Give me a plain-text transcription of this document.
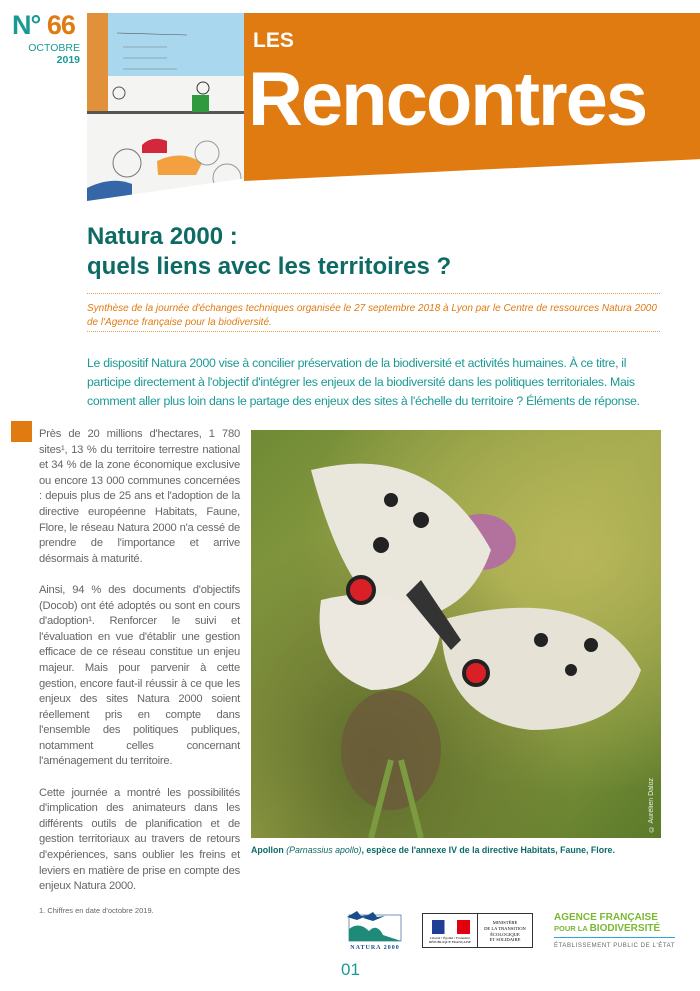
N° 66
OCTOBRE
2019
LES
Rencontres
Natura 2000 :
quels liens avec les territoires ?
Synthèse de la journée d'échanges techniques organisée le 27 septembre 2018 à Lyon par le Centre de ressources Natura 2000 de l'Agence française pour la biodiversité.
Le dispositif Natura 2000 vise à concilier préservation de la biodiversité et activités humaines. À ce titre, il participe directement à l'objectif d'intégrer les enjeux de la biodiversité dans les politiques territoriales. Mais comment aller plus loin dans le partage des enjeux des sites à l'échelle du territoire ? Éléments de réponse.

Près de 20 millions d'hectares, 1 780 sites¹, 13 % du territoire terrestre national et 34 % de la zone économique exclusive ou encore 13 000 communes concernées : depuis plus de 25 ans et l'adoption de la directive européenne Habitats, Faune, Flore, le réseau Natura 2000 n'a cessé de prendre de l'importance et arrive désormais à maturité.

Ainsi, 94 % des documents d'objectifs (Docob) ont été adoptés ou sont en cours d'adoption¹. Renforcer le suivi et l'évaluation en vue d'établir une gestion efficace de ce réseau constitue un enjeu majeur. Mais pour parvenir à cette gestion, encore faut-il réussir à ce que les enjeux des sites Natura 2000 soient réellement pris en compte dans l'ensemble des politiques publiques, notamment celles concernant l'aménagement du territoire.

Cette journée a montré les possibilités d'implication des animateurs dans les différents outils de planification et de gestion territoriaux au travers de retours d'expériences, sans oublier les freins et leviers en matière de prise en compte des enjeux Natura 2000.

1. Chiffres en date d'octobre 2019.
© Aurélien Daloz
Apollon (Parnassius apollo), espèce de l'annexe IV de la directive Habitats, Faune, Flore.
NATURA 2000
Liberté • Égalité • Fraternité RÉPUBLIQUE FRANÇAISE
MINISTÈRE
DE LA TRANSITION
ÉCOLOGIQUE
ET SOLIDAIRE
AGENCE FRANÇAISE
POUR LA BIODIVERSITÉ
ÉTABLISSEMENT PUBLIC DE L'ÉTAT
01
